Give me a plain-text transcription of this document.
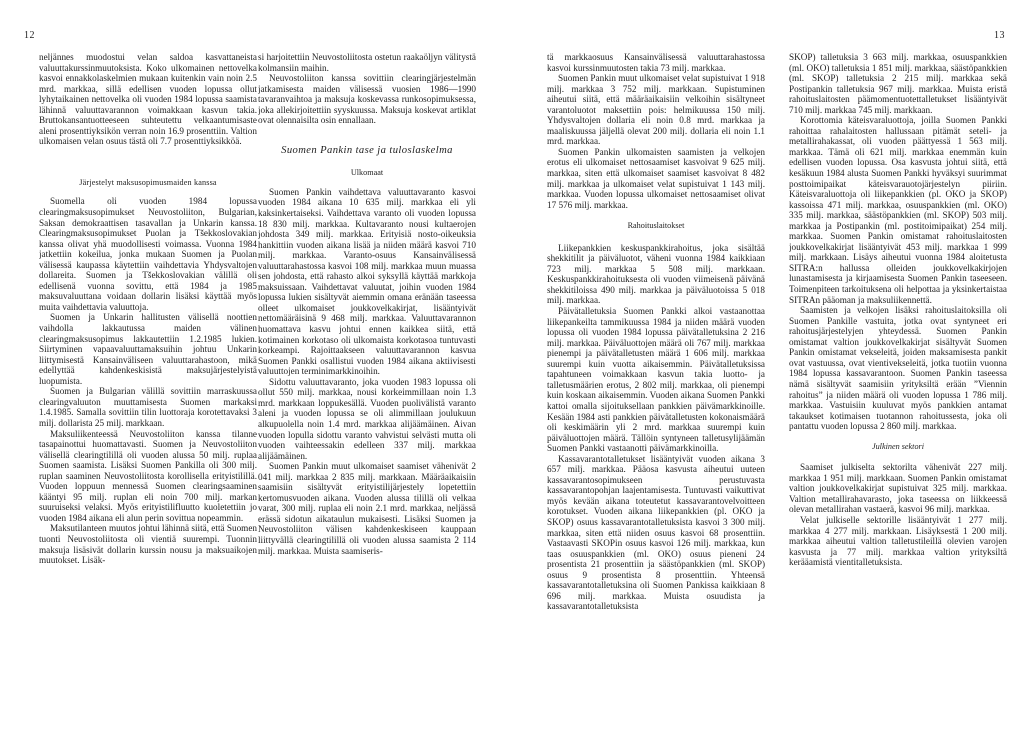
12	13

neljännes muodostui velan saldoa kasvattaneista valuuttakurssinmuutoksista. Koko ulkomainen nettovelka kasvoi ennakkolaskelmien mukaan kuitenkin vain noin 2.5 mrd. markkaa, sillä edellisen vuoden lopussa ollut lyhytaikainen nettovelka oli vuoden 1984 lopussa saamista lähinnä valuuttavarannon voimakkaan kasvun takia. Bruttokansantuotteeseen suhteutettu velkaantumisaste aleni prosenttiyksikön verran noin 16.9 prosenttiin. Valtion ulkomaisen velan osuus tästä oli 7.7 prosenttiyksikköä.

Järjestelyt maksusopimusmaiden kanssa

Suomella oli vuoden 1984 lopussa clearingmaksusopimukset Neuvostoliiton, Bulgarian, Saksan demokraattisen tasavallan ja Unkarin kanssa. Clearingmaksusopimukset Puolan ja Tšekkoslovakian kanssa olivat yhä muodollisesti voimassa. Vuonna 1984 jatkettiin kokeilua, jonka mukaan Suomen ja Puolan välisessä kaupassa käytettiin vaihdettavia Yhdysvaltojen dollareita. Suomen ja Tšekkoslovakian välillä oli edellisenä vuonna sovittu, että 1984 ja 1985 maksuvaluuttana voidaan dollarin lisäksi käyttää myös muita vaihdettavia valuuttoja.

Suomen ja Unkarin hallitusten välisellä noottien vaihdolla lakkautussa maiden välinen clearingmaksusopimus lakkautettiin 1.2.1985 lukien. Siirtyminen vapaavaluuttamaksuihin johtuu Unkarin liittymisestä Kansainväliseen valuuttarahastoon, mikä edellyttää kahdenkeskisistä maksujärjestelyistä luopumista.

Suomen ja Bulgarian välillä sovittiin marraskuussa clearingvaluuton muuttamisesta Suomen markaksi 1.4.1985. Samalla sovittiin tilin luottoraja korotettavaksi 3 milj. dollarista 25 milj. markkaan.

Maksuliikenteessä Neuvostoliiton kanssa tilanne tasapainottui huomattavasti. Suomen ja Neuvostoliiton välisellä clearingtilillä oli vuoden alussa 50 milj. ruplaa Suomen saamista. Lisäksi Suomen Pankilla oli 300 milj. ruplan saaminen Neuvostoliitosta korollisella erityistilillä. Vuoden loppuun mennessä Suomen clearingsaaminen kääntyi 95 milj. ruplan eli noin 700 milj. markan suuruiseksi velaksi. Myös erityistilifluutto kuoletettiin jo vuoden 1984 aikana eli alun perin sovittua nopeammin.

Maksutilanteen muutos johtui lähinnä siitä, että Suomen tuonti Neuvostoliitosta oli vientiä suurempi. Tuonnin maksuja lisäsivät dollarin kurssin nousu ja maksuaikojen muutokset. Lisäk-

si harjoitettiin Neuvostoliitosta ostetun raakaöljyn välitystä kolmansiin maihin.

Neuvostoliiton kanssa sovittiin clearingjärjestelmän jatkamisesta maiden välisessä vuosien 1986—1990 tavaranvaihtoa ja maksuja koskevassa runkosopimuksessa, joka allekirjoitettiin syyskuussa. Maksuja koskevat artiklat ovat olennaisilta osin ennallaan.

Suomen Pankin tase ja tuloslaskelma
Ulkomaat

Suomen Pankin vaihdettava valuuttavaranto kasvoi vuoden 1984 aikana 10 635 milj. markkaa eli yli kaksinkertaiseksi. Vaihdettava varanto oli vuoden lopussa 18 830 milj. markkaa. Kultavaranto nousi kultaerojen johdosta 349 milj. markkaa. Erityisiä nosto-oikeuksia hankittiin vuoden aikana lisää ja niiden määrä kasvoi 710 milj. markkaa. Varanto-osuus Kansainvälisessä valuuttarahastossa kasvoi 108 milj. markkaa muun muassa sen johdosta, että rahasto alkoi syksyllä käyttää markkoja maksuissaan. Vaihdettavat valuutat, joihin vuoden 1984 lopussa lukien sisältyvät aiemmin omana eränään taseessa olleet ulkomaiset joukkovelkakirjat, lisääntyivät nettomääräisinä 9 468 milj. markkaa. Valuuttavarannon huomattava kasvu johtui ennen kaikkea siitä, että kotimainen korkotaso oli ulkomaista korkotasoa tuntuvasti korkeampi. Rajoittaakseen valuuttavarannon kasvua Suomen Pankki osallistui vuoden 1984 aikana aktiivisesti valuuttojen terminimarkkinoihin.

Sidottu valuuttavaranto, joka vuoden 1983 lopussa oli ollut 550 milj. markkaa, nousi korkeimmillaan noin 1.3 mrd. markkaan loppukesällä. Vuoden puolivälistä varanto aleni ja vuoden lopussa se oli alimmillaan joulukuun alkupuolella noin 1.4 mrd. markkaa alijäämäinen. Aivan vuoden lopulla sidottu varanto vahvistui selvästi mutta oli vuoden vaihteessakin edelleen 337 milj. markkaa alijäämäinen.

Suomen Pankin muut ulkomaiset saamiset vähenivät 2 041 milj. markkaa 2 835 milj. markkaan. Määräaikaisiin saamisiin sisältyvät erityistilijärjestely lopetettiin kertomusvuoden aikana. Vuoden alussa tilillä oli velkaa varat, 300 milj. ruplaa eli noin 2.1 mrd. markkaa, neljässä erässä sidotun aikataulun mukaisesti. Lisäksi Suomen ja Neuvostoliiton välisen kahdenkeskiseen kauppaan liittyvällä clearingtilillä oli vuoden alussa saamista 2 114 milj. markkaa. Muista saamiseris-

tä markkaosuus Kansainvälisessä valuuttarahastossa kasvoi kurssinmuutosten takia 73 milj. markkaa.

Suomen Pankin muut ulkomaiset velat supistuivat 1 918 milj. markkaa 3 752 milj. markkaan. Supistuminen aiheutui siitä, että määräaikaisiin velkoihin sisältyneet varantoluotot maksettiin pois: helmikuussa 150 milj. Yhdysvaltojen dollaria eli noin 0.8 mrd. markkaa ja maaliskuussa jäljellä olevat 200 milj. dollaria eli noin 1.1 mrd. markkaa.

Suomen Pankin ulkomaisten saamisten ja velkojen erotus eli ulkomaiset nettosaamiset kasvoivat 9 625 milj. markkaa, siten että ulkomaiset saamiset kasvoivat 8 482 milj. markkaa ja ulkomaiset velat supistuivat 1 143 milj. markkaa. Vuoden lopussa ulkomaiset nettosaamiset olivat 17 576 milj. markkaa.

Rahoituslaitokset

Liikepankkien keskuspankkirahoitus, joka sisältää shekkitilit ja päiväluotot, väheni vuonna 1984 kaikkiaan 723 milj. markkaa 5 508 milj. markkaan. Keskuspankkirahoituksesta oli vuoden viimeisenä päivänä shekkitiloissa 490 milj. markkaa ja päiväluotoissa 5 018 milj. markkaa.

Päivätalletuksia Suomen Pankki alkoi vastaanottaa liikepankeilta tammikuussa 1984 ja niiden määrä vuoden lopussa oli vuoden 1984 lopussa päivätalletuksina 2 216 milj. markkaa. Päiväluottojen määrä oli 767 milj. markkaa pienempi ja päivätalletusten määrä 1 606 milj. markkaa suurempi kuin vuotta aikaisemmin. Päivätalletuksissa tapahtuneen voimakkaan kasvun takia luotto- ja talletusmäärien erotus, 2 802 milj. markkaa, oli pienempi kuin koskaan aikaisemmin. Vuoden aikana Suomen Pankki kattoi omalla sijoituksellaan pankkien päivämarkkinoille. Kesään 1984 asti pankkien päivätalletusten kokonaismäärä oli keskimäärin yli 2 mrd. markkaa suurempi kuin päiväluottojen määrä. Tällöin syntyneen talletusylijäämän Suomen Pankki vastaanotti päivämarkkinoilla.

Kassavarantotalletukset lisääntyivät vuoden aikana 3 657 milj. markkaa. Pääosa kasvusta aiheutui uuteen kassavarantosopimukseen perustuvasta kassavarantopohjan laajentamisesta. Tuntuvasti vaikuttivat myös kevään aikana toteutetut kassavarantovelvoitteen korotukset. Vuoden aikana liikepankkien (pl. OKO ja SKOP) osuus kassavarantotalletuksista kasvoi 3 300 milj. markkaa, siten että niiden osuus kasvoi 68 prosenttiin. Vastaavasti SKOPin osuus kasvoi 126 milj. markkaa, kun taas osuuspankkien (ml. OKO) osuus pieneni 24 prosentista 21 prosenttiin ja säästöpankkien (ml. SKOP) osuus 9 prosentista 8 prosenttiin. Yhteensä kassavarantotalletuksina oli Suomen Pankissa kaikkiaan 8 696 milj. markkaa. Muista osuudista ja kassavarantotalletuksista

SKOP) talletuksia 3 663 milj. markkaa, osuuspankkien (ml. OKO) talletuksia 1 851 milj. markkaa, säästöpankkien (ml. SKOP) talletuksia 2 215 milj. markkaa sekä Postipankin talletuksia 967 milj. markkaa. Muista eristä rahoituslaitosten päämomentuotettalletukset lisääntyivät 710 milj. markkaa 745 milj. markkaan.

Korottomia käteisvaraluottoja, joilla Suomen Pankki rahoittaa rahalaitosten hallussaan pitämät seteli- ja metallirahakassat, oli vuoden päättyessä 1 563 milj. markkaa. Tämä oli 621 milj. markkaa enemmän kuin edellisen vuoden lopussa. Osa kasvusta johtui siitä, että kesäkuun 1984 alusta Suomen Pankki hyväksyi suurimmat posttoimipaikat käteisvarauotojärjestelyn piiriin. Käteisvaraluottoja oli liikepankkien (pl. OKO ja SKOP) kassoissa 471 milj. markkaa, osuuspankkien (ml. OKO) 335 milj. markkaa, säästöpankkien (ml. SKOP) 503 milj. markkaa ja Postipankin (ml. postitoimipaikat) 254 milj. markkaa. Suomen Pankin omistamat rahoituslaitosten joukkovelkakirjat lisääntyivät 453 milj. markkaa 1 999 milj. markkaan. Lisäys aiheutui vuonna 1984 aloitetusta SITRA:n hallussa olleiden joukkovelkakirjojen lunastamisesta ja kirjaamisesta Suomen Pankin taseeseen. Toimenpiteen tarkoituksena oli helpottaa ja yksinkertaistaa SITRAn pääoman ja maksuliikennettä.

Saamisten ja velkojen lisäksi rahoituslaitoksilla oli Suomen Pankille vastuita, jotka ovat syntyneet eri rahoitusjärjestelyjen yhteydessä. Suomen Pankin omistamat valtion joukkovelkakirjat sisältyvät Suomen Pankin omistamat vekseleitä, joiden maksamisesta pankit ovat vastuussa, ovat vientivekseleitä, jotka tuotiin vuonna 1984 lopussa kassavarantoon. Suomen Pankin taseessa nämä sisältyvät saamisiin yrityksiltä erään ”Viennin rahoitus” ja niiden määrä oli vuoden lopussa 1 786 milj. markkaa. Vastuisiin kuuluvat myös pankkien antamat takaukset kotimaisen tuotannon rahoitussesta, joka oli pantattu vuoden lopussa 2 860 milj. markkaa.

Julkinen sektori

Saamiset julkiselta sektorilta vähenivät 227 milj. markkaa 1 951 milj. markkaan. Suomen Pankin omistamat valtion joukkovelkakirjat supistuivat 325 milj. markkaa. Valtion metallirahavarasto, joka taseessa on liikkeessä olevan metallirahan vastaerä, kasvoi 96 milj. markkaa.

Velat julkiselle sektorille lisääntyivät 1 277 milj. markkaa 4 277 milj. markkaan. Lisäyksestä 1 200 milj. markkaa aiheutui valtion talletustileillä olevien varojen kasvusta ja 77 milj. markkaa valtion yrityksiltä kerääamistä vientitalletuksista.
